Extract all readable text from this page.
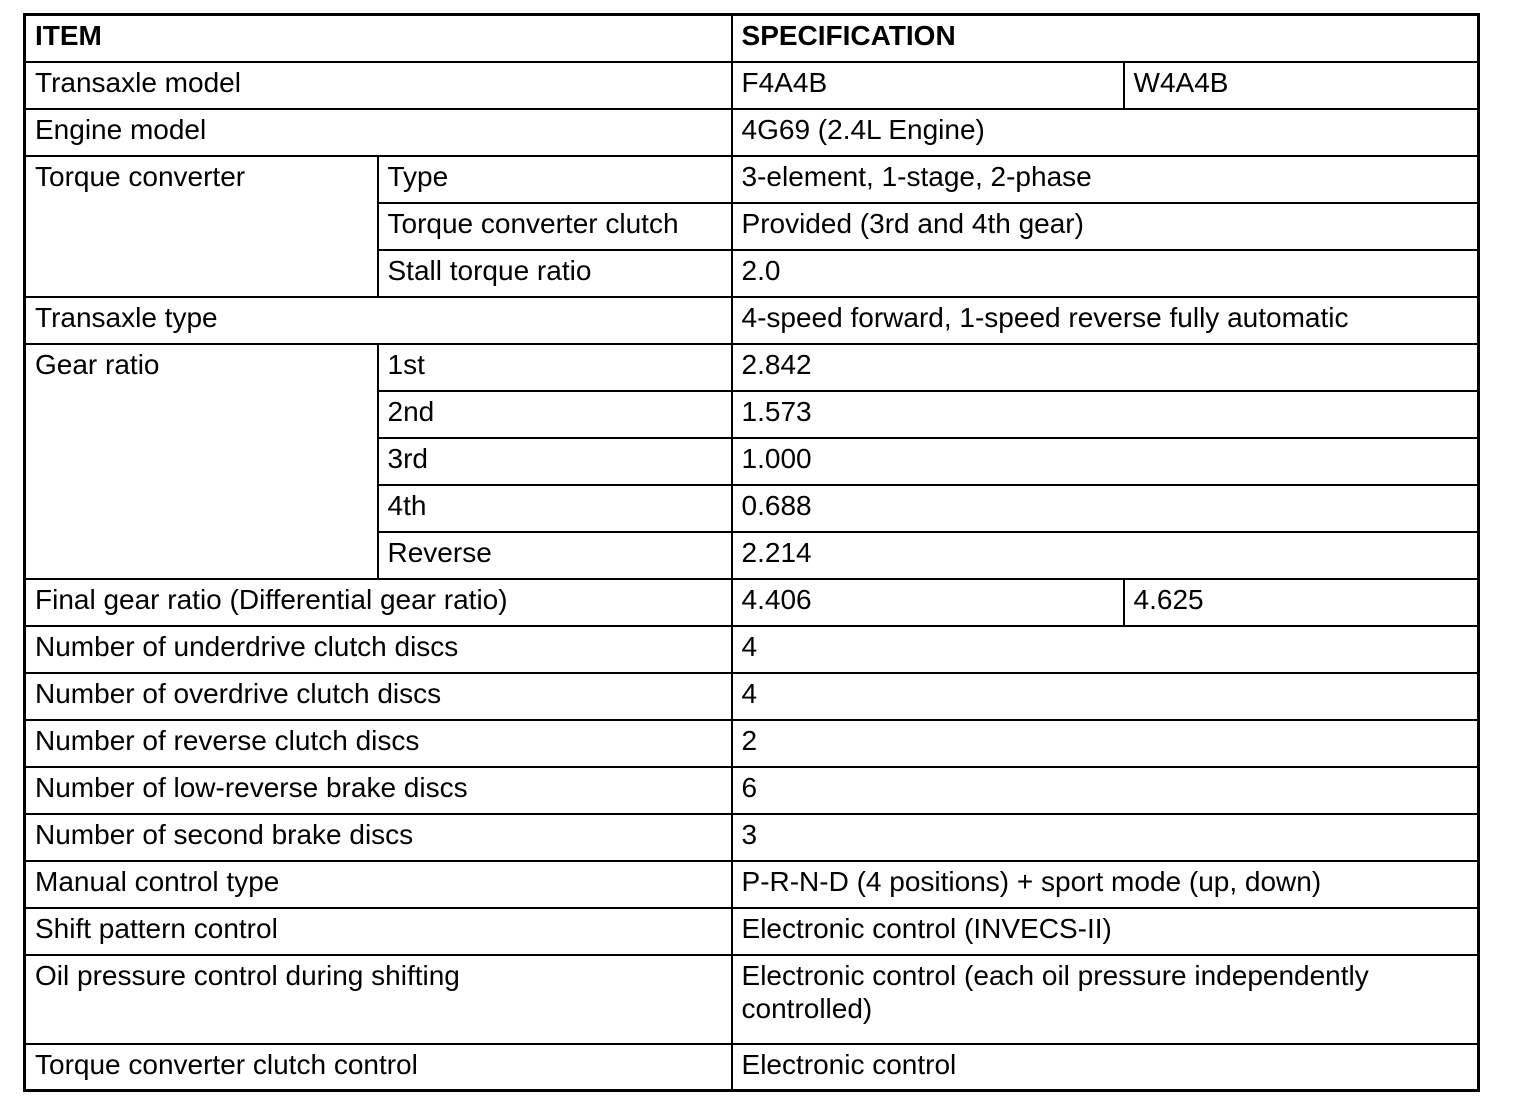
ITEM		SPECIFICATION	
Transaxle model		F4A4B	W4A4B
Engine model		4G69 (2.4L Engine)	
Torque converter	Type	3-element, 1-stage, 2-phase	
	Torque converter clutch	Provided (3rd and 4th gear)	
	Stall torque ratio	2.0	
Transaxle type		4-speed forward, 1-speed reverse fully automatic	
Gear ratio	1st	2.842	
	2nd	1.573	
	3rd	1.000	
	4th	0.688	
	Reverse	2.214	
Final gear ratio (Differential gear ratio)		4.406	4.625
Number of underdrive clutch discs		4	
Number of overdrive clutch discs		4	
Number of reverse clutch discs		2	
Number of low-reverse brake discs		6	
Number of second brake discs		3	
Manual control type		P-R-N-D (4 positions) + sport mode (up, down)	
Shift pattern control		Electronic control (INVECS-II)	
Oil pressure control during shifting		Electronic control (each oil pressure independently controlled)	
Torque converter clutch control		Electronic control	
